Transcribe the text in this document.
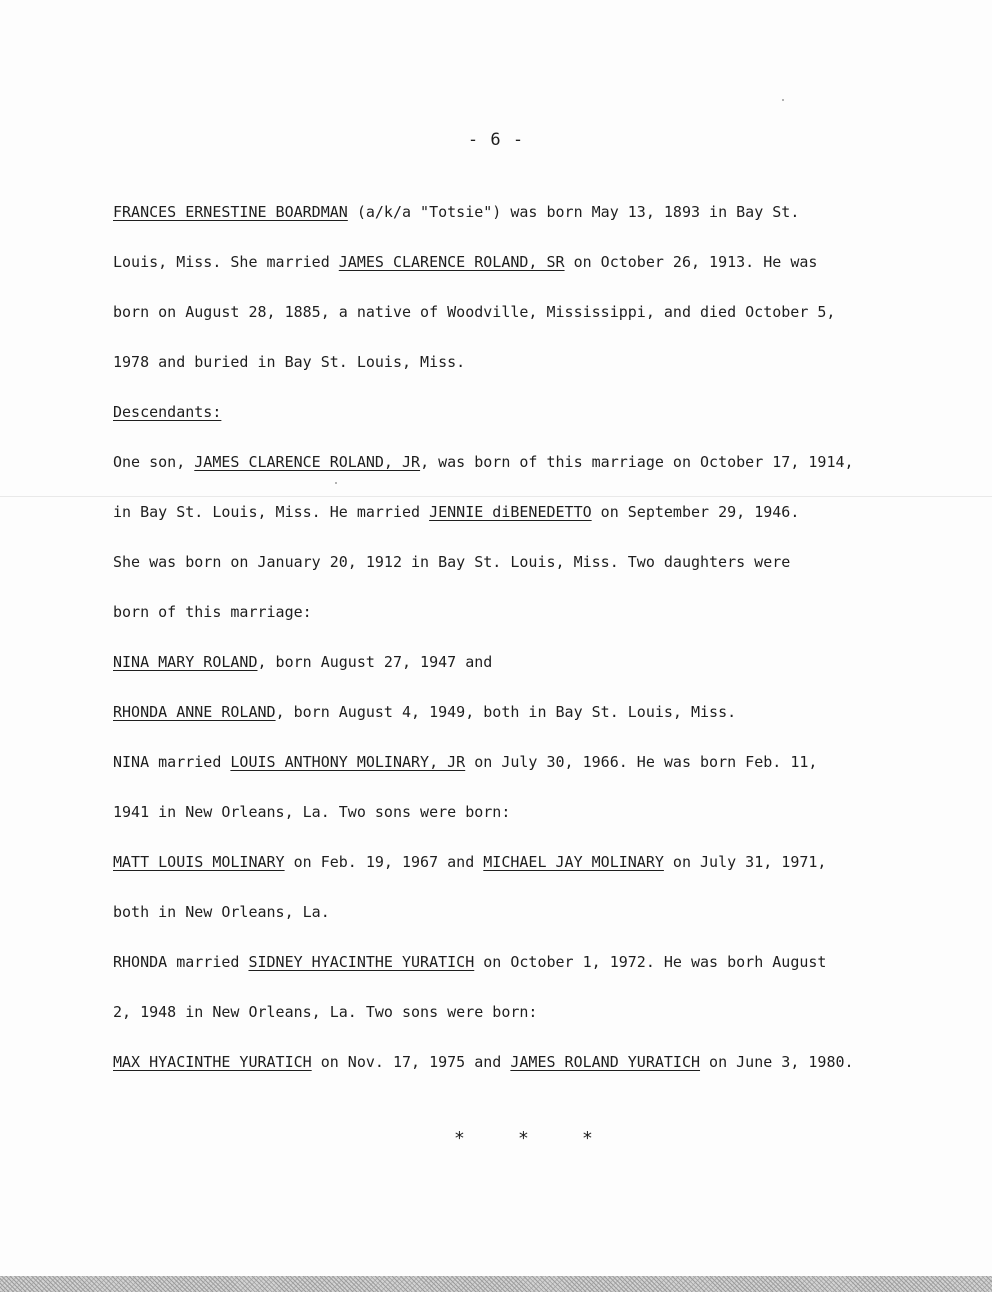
- 6 -
FRANCES ERNESTINE BOARDMAN (a/k/a "Totsie") was born May 13, 1893 in Bay St.
Louis, Miss. She married JAMES CLARENCE ROLAND, SR on October 26, 1913. He was
born on August 28, 1885, a native of Woodville, Mississippi, and died October 5,
1978 and buried in Bay St. Louis, Miss.
Descendants:
One son, JAMES CLARENCE ROLAND, JR, was born of this marriage on October 17, 1914,
in Bay St. Louis, Miss. He married JENNIE diBENEDETTO on September 29, 1946.
She was born on January 20, 1912 in Bay St. Louis, Miss. Two daughters were
born of this marriage:
NINA MARY ROLAND, born August 27, 1947 and
RHONDA ANNE ROLAND, born August 4, 1949, both in Bay St. Louis, Miss.
NINA married LOUIS ANTHONY MOLINARY, JR on July 30, 1966. He was born Feb. 11,
1941 in New Orleans, La. Two sons were born:
MATT LOUIS MOLINARY on Feb. 19, 1967 and MICHAEL JAY MOLINARY on July 31, 1971,
both in New Orleans, La.
RHONDA married SIDNEY HYACINTHE YURATICH on October 1, 1972. He was borh August
2, 1948 in New Orleans, La. Two sons were born:
MAX HYACINTHE YURATICH on Nov. 17, 1975 and JAMES ROLAND YURATICH on June 3, 1980.
*	*	*
